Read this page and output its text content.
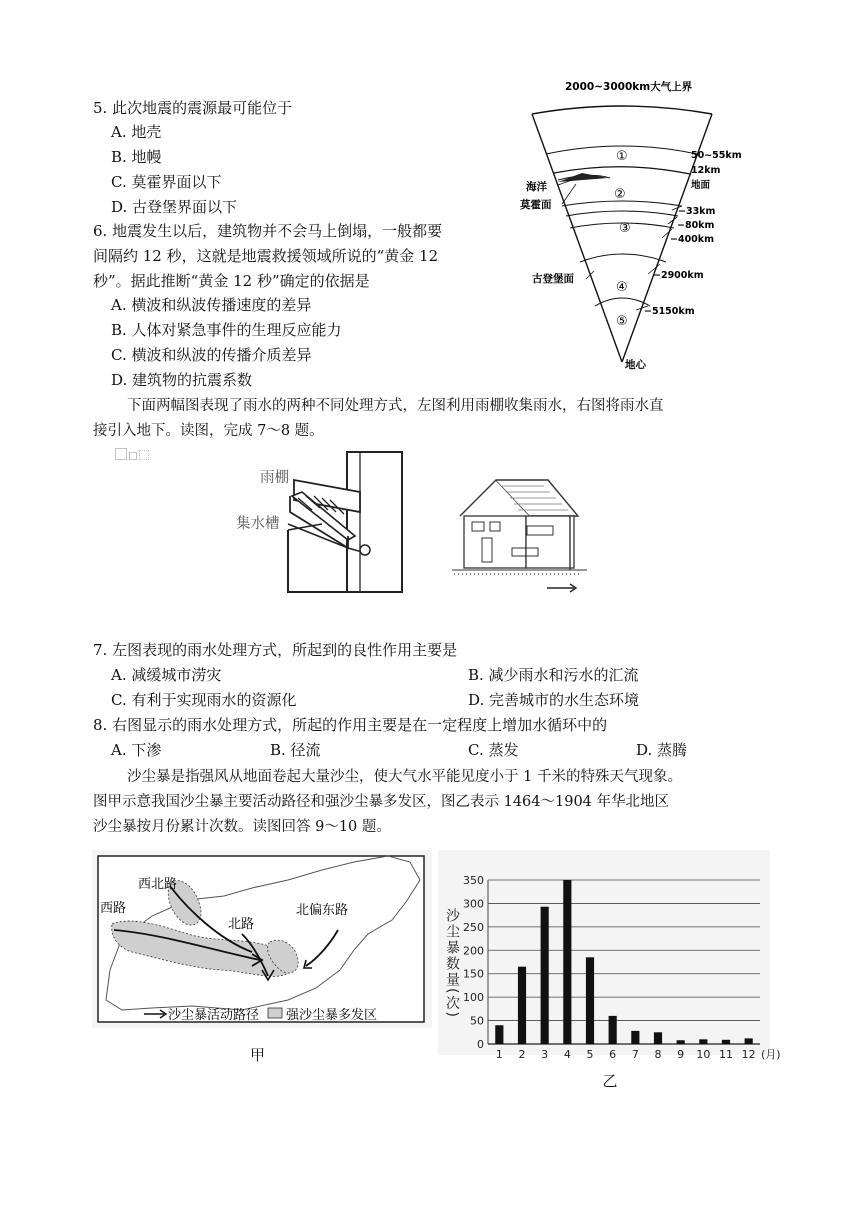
5. 此次地震的震源最可能位于
A. 地壳
B. 地幔
C. 莫霍界面以下
D. 古登堡界面以下
6. 地震发生以后，建筑物并不会马上倒塌，一般都要
间隔约 12 秒，这就是地震救援领域所说的“黄金 12
秒”。据此推断“黄金 12 秒”确定的依据是
A. 横波和纵波传播速度的差异
B. 人体对紧急事件的生理反应能力
C. 横波和纵波的传播介质差异
D. 建筑物的抗震系数
2000~3000km大气上界
①
②
③
④
⑤
50~55km
12km
地面
−33km
−80km
−400km
−2900km
−5150km
海洋
莫霍面
古登堡面
地心
下面两幅图表现了雨水的两种不同处理方式，左图利用雨棚收集雨水，右图将雨水直
接引入地下。读图，完成 7～8 题。
雨棚
集水槽
7. 左图表现的雨水处理方式，所起到的良性作用主要是
A. 减缓城市涝灾	B. 减少雨水和污水的汇流
C. 有利于实现雨水的资源化	D. 完善城市的水生态环境
8. 右图显示的雨水处理方式，所起的作用主要是在一定程度上增加水循环中的
A. 下渗	B. 径流	C. 蒸发	D. 蒸腾
沙尘暴是指强风从地面卷起大量沙尘，使大气水平能见度小于 1 千米的特殊天气现象。
图甲示意我国沙尘暴主要活动路径和强沙尘暴多发区，图乙表示 1464～1904 年华北地区
沙尘暴按月份累计次数。读图回答 9～10 题。
西北路
西路
北路
北偏东路
沙尘暴活动路径 强沙尘暴多发区
甲
0
50
100
150
200
250
300
350
1 2 3 4 5 6 7 8 9 10 11 12 (月)
沙尘暴数量(次)
乙
